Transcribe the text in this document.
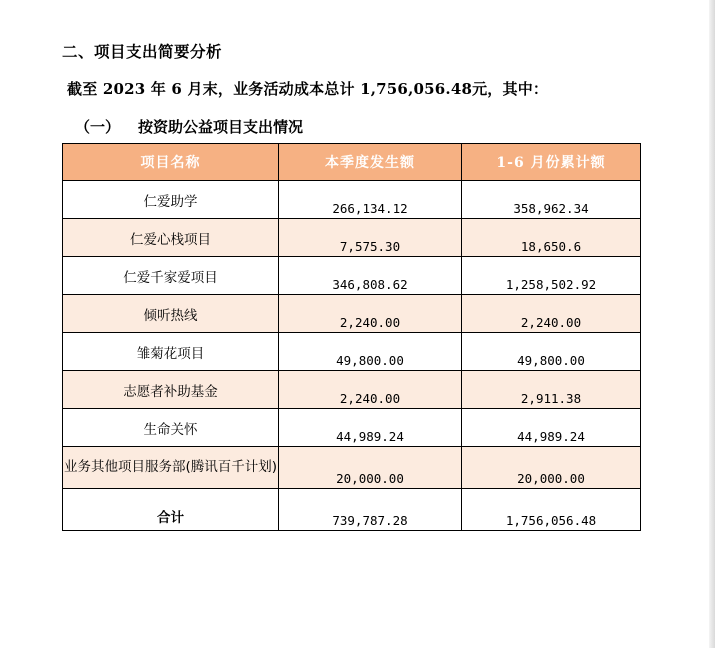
二、项目支出简要分析
截至 2023 年 6 月末，业务活动成本总计 1,756,056.48元，其中：
（一） 按资助公益项目支出情况
项目名称	本季度发生额	1-6 月份累计额
仁爱助学	266,134.12	358,962.34
仁爱心栈项目	7,575.30	18,650.6
仁爱千家爱项目	346,808.62	1,258,502.92
倾听热线	2,240.00	2,240.00
雏菊花项目	49,800.00	49,800.00
志愿者补助基金	2,240.00	2,911.38
生命关怀	44,989.24	44,989.24

业务其他项目服务部(腾讯百千计划)	20,000.00	20,000.00
合计	739,787.28	1,756,056.48
